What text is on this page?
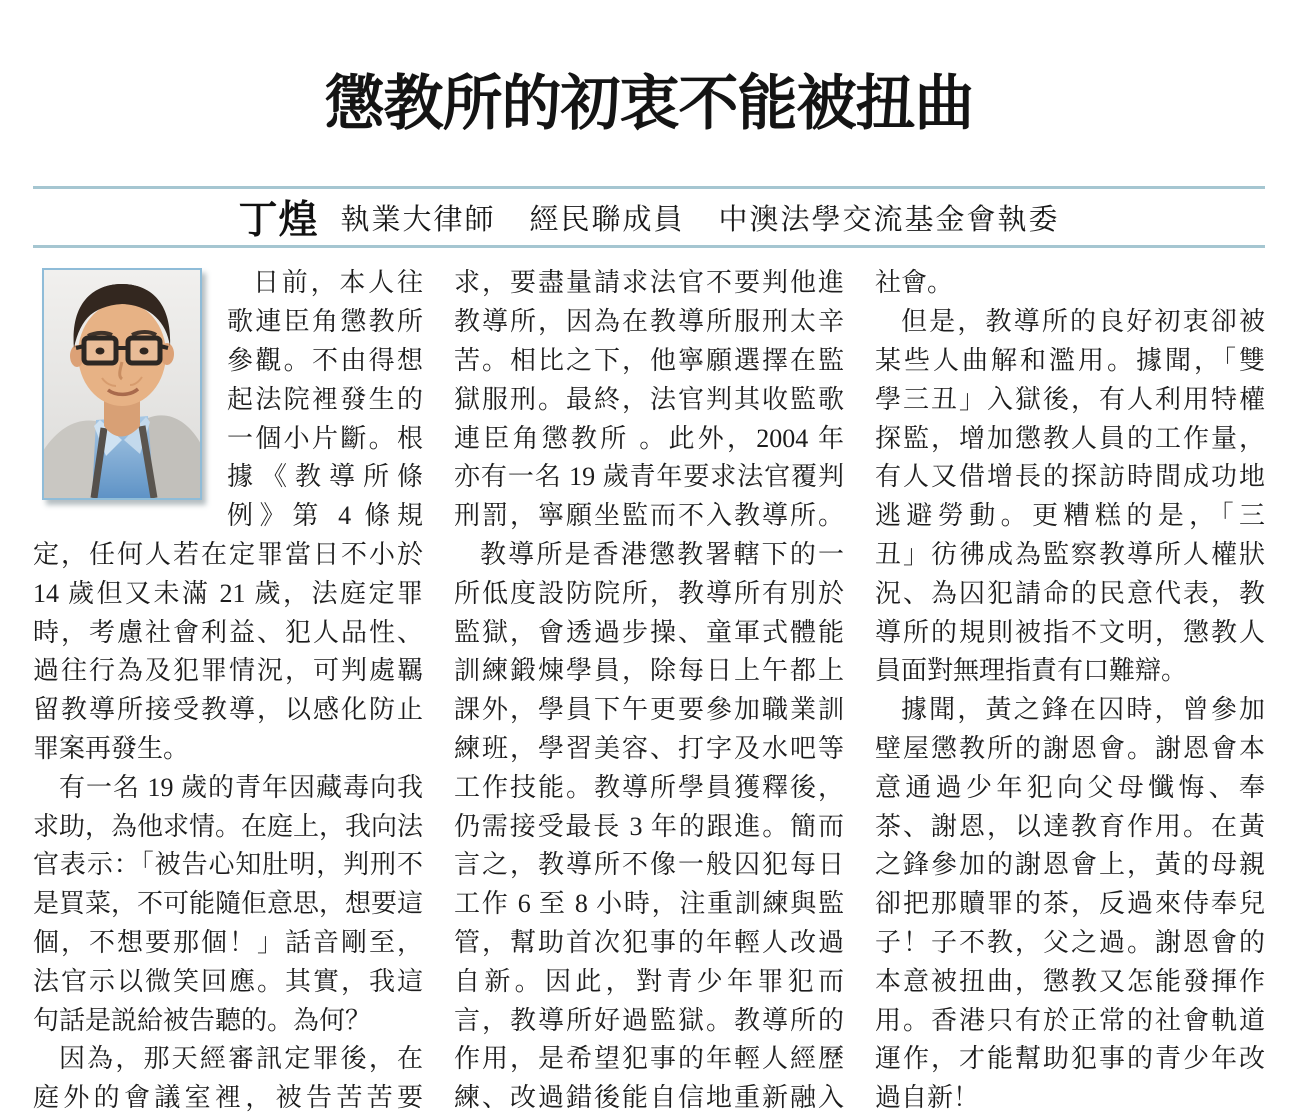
懲教所的初衷不能被扭曲
丁煌 執業大律師 經民聯成員 中澳法學交流基金會執委
日前，本人往
歌連臣角懲教所
參觀。不由得想
起法院裡發生的
一個小片斷。根
據《教導所條
例》第 4 條規
定，任何人若在定罪當日不小於
14 歲但又未滿 21 歲，法庭定罪
時，考慮社會利益、犯人品性、
過往行為及犯罪情況，可判處羈
留教導所接受教導，以感化防止
罪案再發生。
有一名 19 歲的青年因藏毒向我
求助，為他求情。在庭上，我向法
官表示：「被告心知肚明，判刑不
是買菜，不可能隨佢意思，想要這
個，不想要那個！」話音剛至，
法官示以微笑回應。其實，我這
句話是説給被告聽的。為何？
因為，那天經審訊定罪後，在
庭外的會議室裡，被告苦苦要
求，要盡量請求法官不要判他進
教導所，因為在教導所服刑太辛
苦。相比之下，他寧願選擇在監
獄服刑。最終，法官判其收監歌
連臣角懲教所 。此外，2004 年
亦有一名 19 歲青年要求法官覆判
刑罰，寧願坐監而不入教導所。
教導所是香港懲教署轄下的一
所低度設防院所，教導所有別於
監獄，會透過步操、童軍式體能
訓練鍛煉學員，除每日上午都上
課外，學員下午更要參加職業訓
練班，學習美容、打字及水吧等
工作技能。教導所學員獲釋後，
仍需接受最長 3 年的跟進。簡而
言之，教導所不像一般囚犯每日
工作 6 至 8 小時，注重訓練與監
管，幫助首次犯事的年輕人改過
自新。因此，對青少年罪犯而
言，教導所好過監獄。教導所的
作用，是希望犯事的年輕人經歷
練、改過錯後能自信地重新融入
社會。
但是，教導所的良好初衷卻被
某些人曲解和濫用。據聞，「雙
學三丑」入獄後，有人利用特權
探監，增加懲教人員的工作量，
有人又借增長的探訪時間成功地
逃避勞動。更糟糕的是，「三
丑」彷彿成為監察教導所人權狀
況、為囚犯請命的民意代表，教
導所的規則被指不文明，懲教人
員面對無理指責有口難辯。
據聞，黃之鋒在囚時，曾參加
壁屋懲教所的謝恩會。謝恩會本
意通過少年犯向父母懺悔、奉
茶、謝恩，以達教育作用。在黃
之鋒參加的謝恩會上，黃的母親
卻把那贖罪的茶，反過來侍奉兒
子！子不教，父之過。謝恩會的
本意被扭曲，懲教又怎能發揮作
用。香港只有於正常的社會軌道
運作，才能幫助犯事的青少年改
過自新！
